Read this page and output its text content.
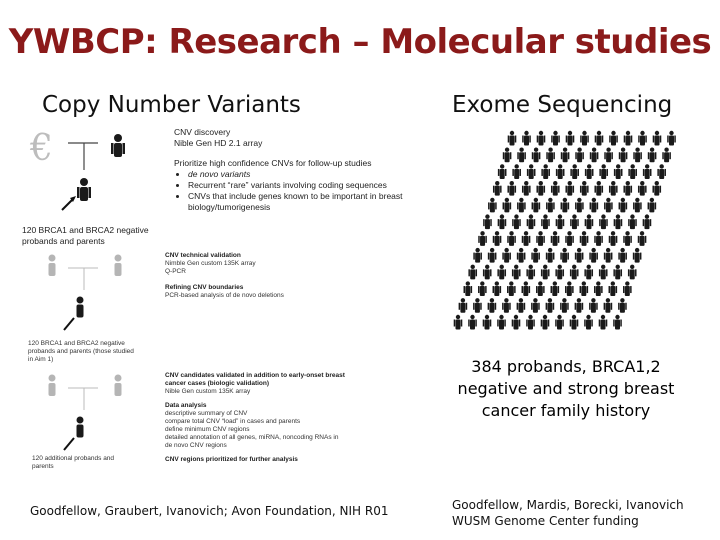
YWBCP: Research – Molecular studies
Copy Number Variants	Exome Sequencing
€	CNV discovery
Nible Gen HD 2.1 array
Prioritize high confidence CNVs for follow-up studies
• de novo variants
• Recurrent “rare” variants involving coding sequences
• CNVs that include genes known to be important in breast biology/tumorigenesis
120 BRCA1 and BRCA2 negative probands and parents
CNV technical validation
Nimble Gen custom 135K array
Q-PCR
Refining CNV boundaries
PCR-based analysis of de novo deletions
120 BRCA1 and BRCA2 negative probands and parents (those studied in Aim 1)
CNV candidates validated in addition to early-onset breast cancer cases (biologic validation)
Nible Gen custom 135K array
Data analysis
descriptive summary of CNV
compare total CNV “load” in cases and parents
define minimum CNV regions
detailed annotation of all genes, miRNA, noncoding RNAs in de novo CNV regions
CNV regions prioritized for further analysis
120 additional probands and parents
384 probands, BRCA1,2 negative and strong breast cancer family history
Goodfellow, Graubert, Ivanovich; Avon Foundation, NIH R01	Goodfellow, Mardis, Borecki, Ivanovich
WUSM Genome Center funding
